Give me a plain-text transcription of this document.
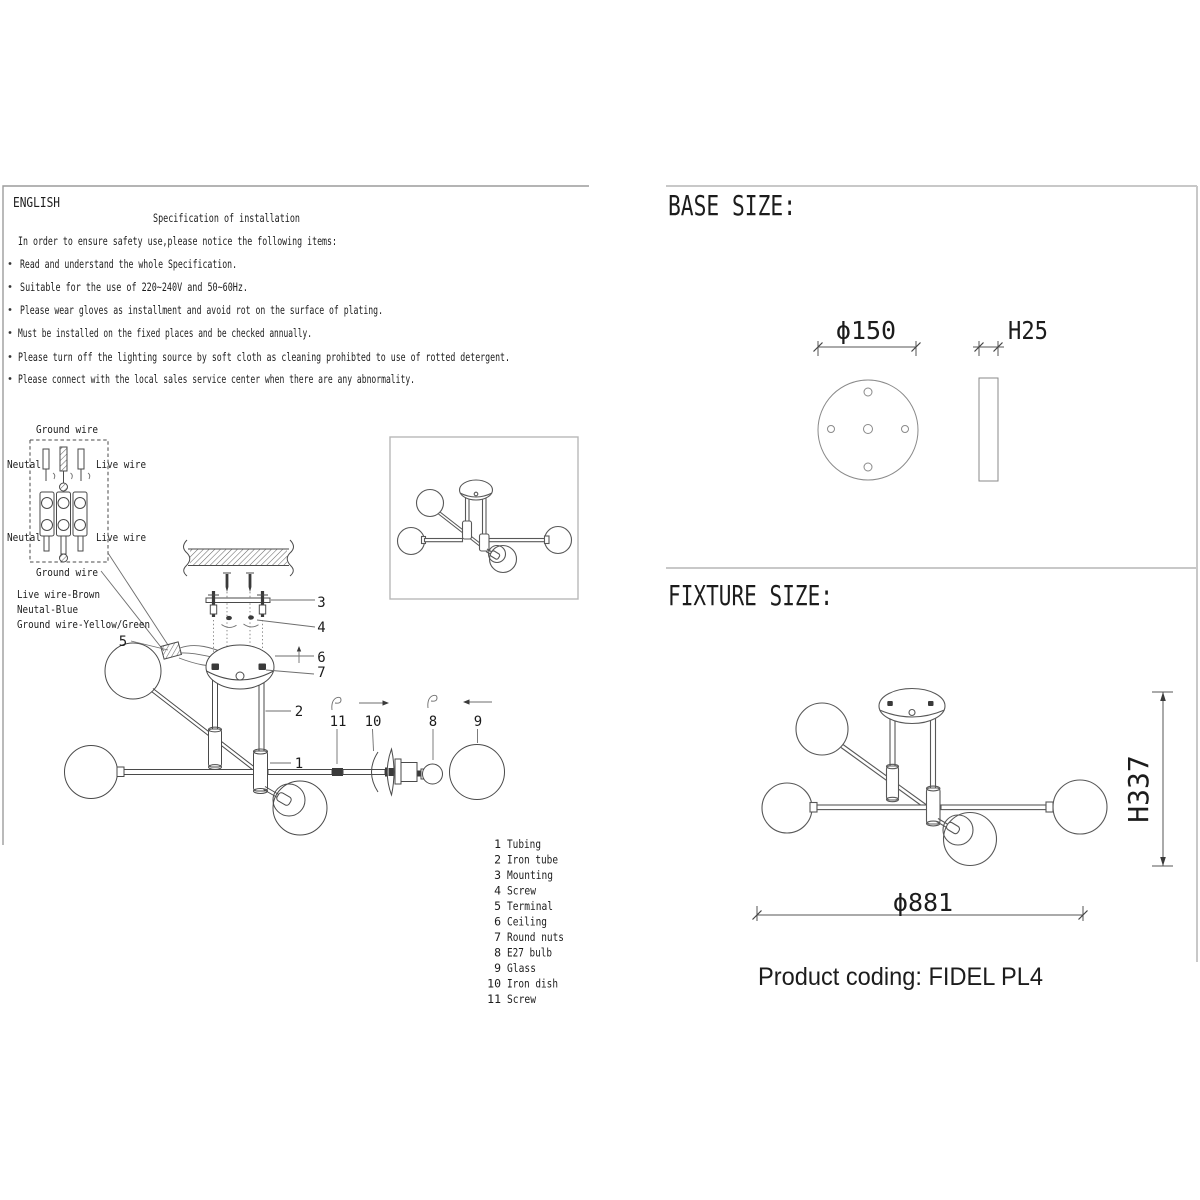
ENGLISH
Specification of installation
In order to ensure safety use,please notice the following items:
Read and understand the whole Specification.
Suitable for the use of 220~240V and 50~60Hz.
Please wear gloves as installment and avoid rot on the surface of plating.
Must be installed on the fixed places and be checked annually.
Please turn off the lighting source by soft cloth as cleaning prohibted to use of rotted detergent.
Please connect with the local sales service center when there are any abnormality.
Ground wire
Neutal	Live wire
Neutal	Live wire
Ground wire
Live wire-Brown
Neutal-Blue
Ground wire-Yellow/Green
3
4
5
6
7
2
1
11 10	8	9
1 Tubing
2 Iron tube
3 Mounting
4 Screw
5 Terminal
6 Ceiling
7 Round nuts
8 E27 bulb
9 Glass
10 Iron dish
11 Screw
BASE SIZE:
ϕ150	H25
FIXTURE SIZE:
H337
ϕ881
Product coding: FIDEL PL4
